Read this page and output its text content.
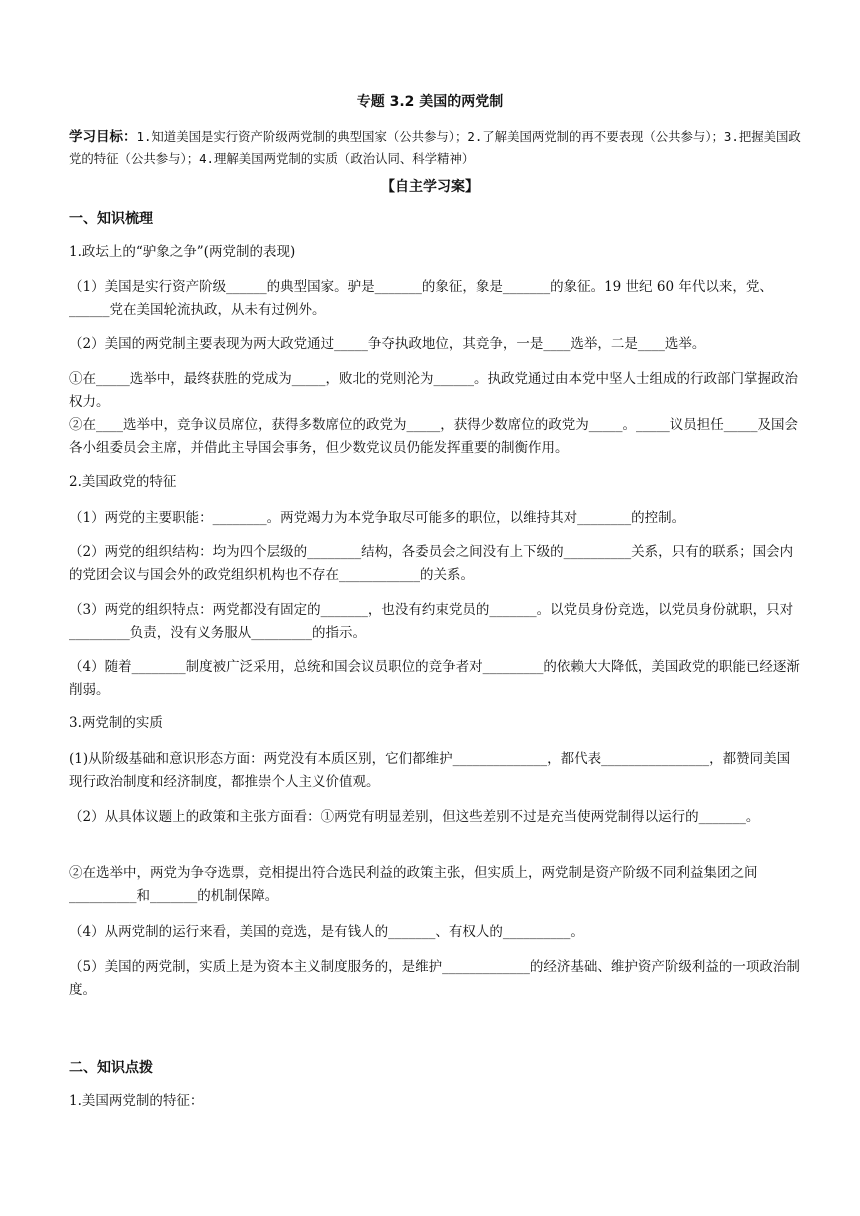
专题 3.2 美国的两党制
学习目标：1.知道美国是实行资产阶级两党制的典型国家（公共参与）；2.了解美国两党制的再不要表现（公共参与）；3.把握美国政党的特征（公共参与）；4.理解美国两党制的实质（政治认同、科学精神）
【自主学习案】
一、知识梳理
1.政坛上的“驴象之争”(两党制的表现)
（1）美国是实行资产阶级______的典型国家。驴是_______的象征，象是_______的象征。19 世纪 60 年代以来，党、______党在美国轮流执政，从未有过例外。
（2）美国的两党制主要表现为两大政党通过_____争夺执政地位，其竞争，一是____选举，二是____选举。
①在_____选举中，最终获胜的党成为_____，败北的党则沦为______。执政党通过由本党中坚人士组成的行政部门掌握政治权力。
②在____选举中，竞争议员席位，获得多数席位的政党为_____，获得少数席位的政党为_____。_____议员担任_____及国会各小组委员会主席，并借此主导国会事务，但少数党议员仍能发挥重要的制衡作用。
2.美国政党的特征
（1）两党的主要职能：________。两党竭力为本党争取尽可能多的职位，以维持其对________的控制。
（2）两党的组织结构：均为四个层级的________结构，各委员会之间没有上下级的__________关系，只有的联系；国会内的党团会议与国会外的政党组织机构也不存在____________的关系。
（3）两党的组织特点：两党都没有固定的_______，也没有约束党员的_______。以党员身份竞选，以党员身份就职，只对_________负责，没有义务服从_________的指示。
（4）随着________制度被广泛采用，总统和国会议员职位的竞争者对_________的依赖大大降低，美国政党的职能已经逐渐削弱。
3.两党制的实质
(1)从阶级基础和意识形态方面：两党没有本质区别，它们都维护______________，都代表________________，都赞同美国现行政治制度和经济制度，都推崇个人主义价值观。
（2）从具体议题上的政策和主张方面看：①两党有明显差别，但这些差别不过是充当使两党制得以运行的_______。
②在选举中，两党为争夺选票，竞相提出符合选民利益的政策主张，但实质上，两党制是资产阶级不同利益集团之间__________和_______的机制保障。
（4）从两党制的运行来看，美国的竞选，是有钱人的_______、有权人的__________。
（5）美国的两党制，实质上是为资本主义制度服务的，是维护_____________的经济基础、维护资产阶级利益的一项政治制度。
二、知识点拨
1.美国两党制的特征：
